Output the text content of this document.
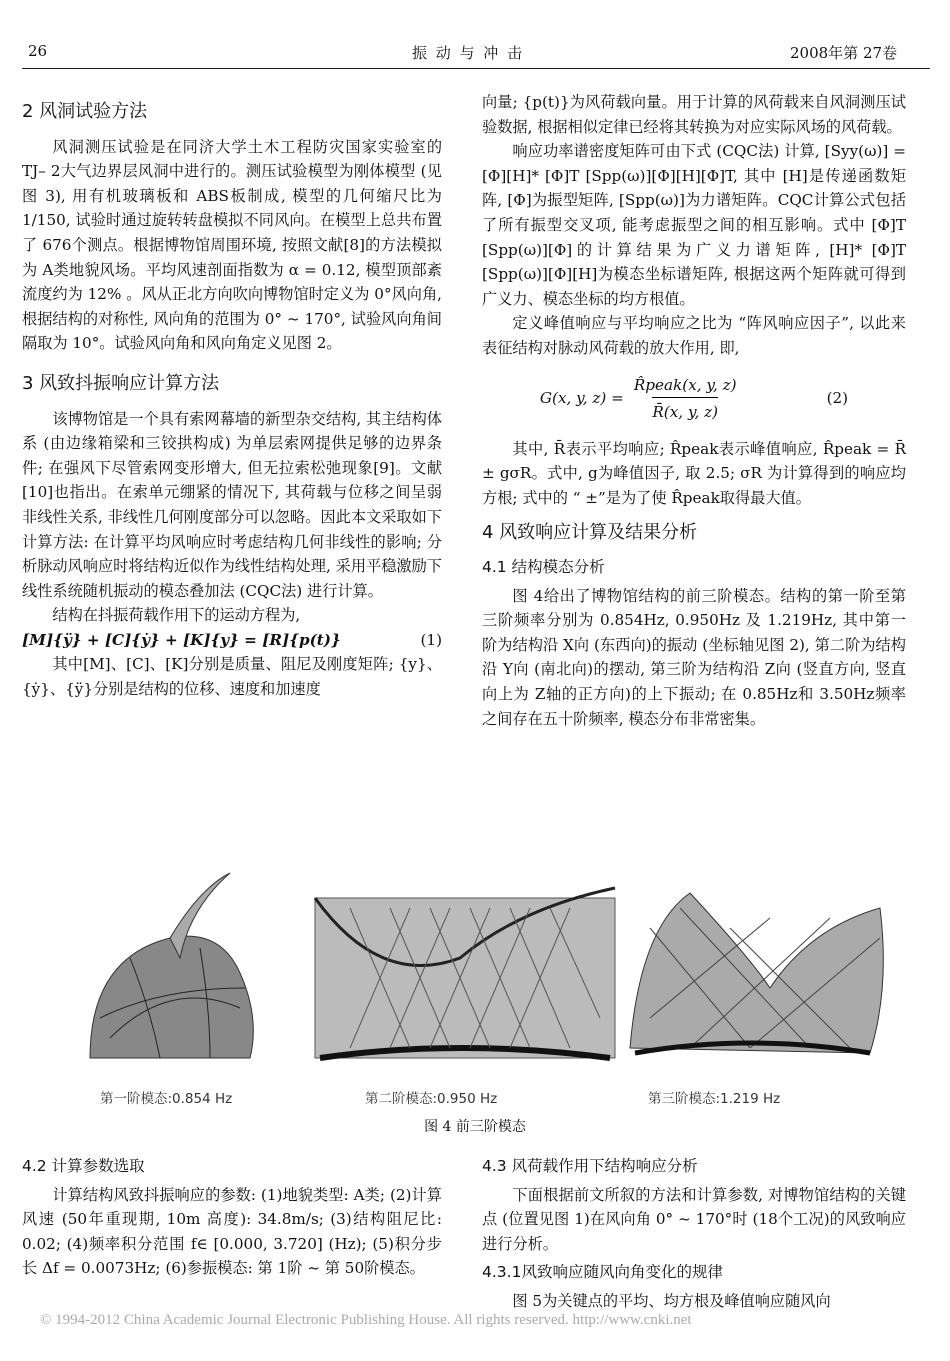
26	振 动 与 冲 击	2008年第 27卷
2 风洞试验方法

风洞测压试验是在同济大学土木工程防灾国家实验室的 TJ– 2大气边界层风洞中进行的。测压试验模型为刚体模型 (见图 3), 用有机玻璃板和 ABS板制成, 模型的几何缩尺比为 1/150, 试验时通过旋转转盘模拟不同风向。在模型上总共布置了 676个测点。根据博物馆周围环境, 按照文献[8]的方法模拟为 A类地貌风场。平均风速剖面指数为 α = 0.12, 模型顶部紊流度约为 12% 。风从正北方向吹向博物馆时定义为 0°风向角, 根据结构的对称性, 风向角的范围为 0° ~ 170°, 试验风向角间隔取为 10°。试验风向角和风向角定义见图 2。

3 风致抖振响应计算方法

该博物馆是一个具有索网幕墙的新型杂交结构, 其主结构体系 (由边缘箱梁和三铰拱构成) 为单层索网提供足够的边界条件; 在强风下尽管索网变形增大, 但无拉索松弛现象[9]。文献 [10]也指出。在索单元绷紧的情况下, 其荷载与位移之间呈弱非线性关系, 非线性几何刚度部分可以忽略。因此本文采取如下计算方法: 在计算平均风响应时考虑结构几何非线性的影响; 分析脉动风响应时将结构近似作为线性结构处理, 采用平稳激励下线性系统随机振动的模态叠加法 (CQC法) 进行计算。

结构在抖振荷载作用下的运动方程为,

[M]{ÿ} + [C]{ẏ} + [K]{y} = [R]{p(t)}	(1)

其中[M]、[C]、[K]分别是质量、阻尼及刚度矩阵; {y}、{ẏ}、{ÿ}分别是结构的位移、速度和加速度

向量; {p(t)}为风荷载向量。用于计算的风荷载来自风洞测压试验数据, 根据相似定律已经将其转换为对应实际风场的风荷载。

响应功率谱密度矩阵可由下式 (CQC法) 计算, [Syy(ω)] = [Φ][H]* [Φ]T [Spp(ω)][Φ][H][Φ]T, 其中 [H]是传递函数矩阵, [Φ]为振型矩阵, [Spp(ω)]为力谱矩阵。CQC计算公式包括了所有振型交叉项, 能考虑振型之间的相互影响。式中 [Φ]T [Spp(ω)][Φ]的计算结果为广义力谱矩阵, [H]* [Φ]T [Spp(ω)][Φ][H]为模态坐标谱矩阵, 根据这两个矩阵就可得到广义力、模态坐标的均方根值。

定义峰值响应与平均响应之比为 “阵风响应因子”, 以此来表征结构对脉动风荷载的放大作用, 即,

G(x, y, z) =
R̂peak(x, y, z)
R̄(x, y, z)
(2)

其中, R̄表示平均响应; R̂peak表示峰值响应, R̂peak = R̄ ± gσR。式中, g为峰值因子, 取 2.5; σR 为计算得到的响应均方根; 式中的 “ ±”是为了使 R̂peak取得最大值。

4 风致响应计算及结果分析
4.1 结构模态分析

图 4给出了博物馆结构的前三阶模态。结构的第一阶至第三阶频率分别为 0.854Hz, 0.950Hz 及 1.219Hz, 其中第一阶为结构沿 X向 (东西向)的振动 (坐标轴见图 2), 第二阶为结构沿 Y向 (南北向)的摆动, 第三阶为结构沿 Z向 (竖直方向, 竖直向上为 Z轴的正方向)的上下振动; 在 0.85Hz和 3.50Hz频率之间存在五十阶频率, 模态分布非常密集。

第一阶模态:0.854 Hz	第二阶模态:0.950 Hz	第三阶模态:1.219 Hz
图 4 前三阶模态
4.2 计算参数选取

计算结构风致抖振响应的参数: (1)地貌类型: A类; (2)计算风速 (50年重现期, 10m 高度): 34.8m/s; (3)结构阻尼比: 0.02; (4)频率积分范围 f∈ [0.000, 3.720] (Hz); (5)积分步长 Δf = 0.0073Hz; (6)参振模态: 第 1阶 ~ 第 50阶模态。

4.3 风荷载作用下结构响应分析

下面根据前文所叙的方法和计算参数, 对博物馆结构的关键点 (位置见图 1)在风向角 0° ~ 170°时 (18个工况)的风致响应进行分析。

4.3.1风致响应随风向角变化的规律

图 5为关键点的平均、均方根及峰值响应随风向

© 1994-2012 China Academic Journal Electronic Publishing House. All rights reserved. http://www.cnki.net
